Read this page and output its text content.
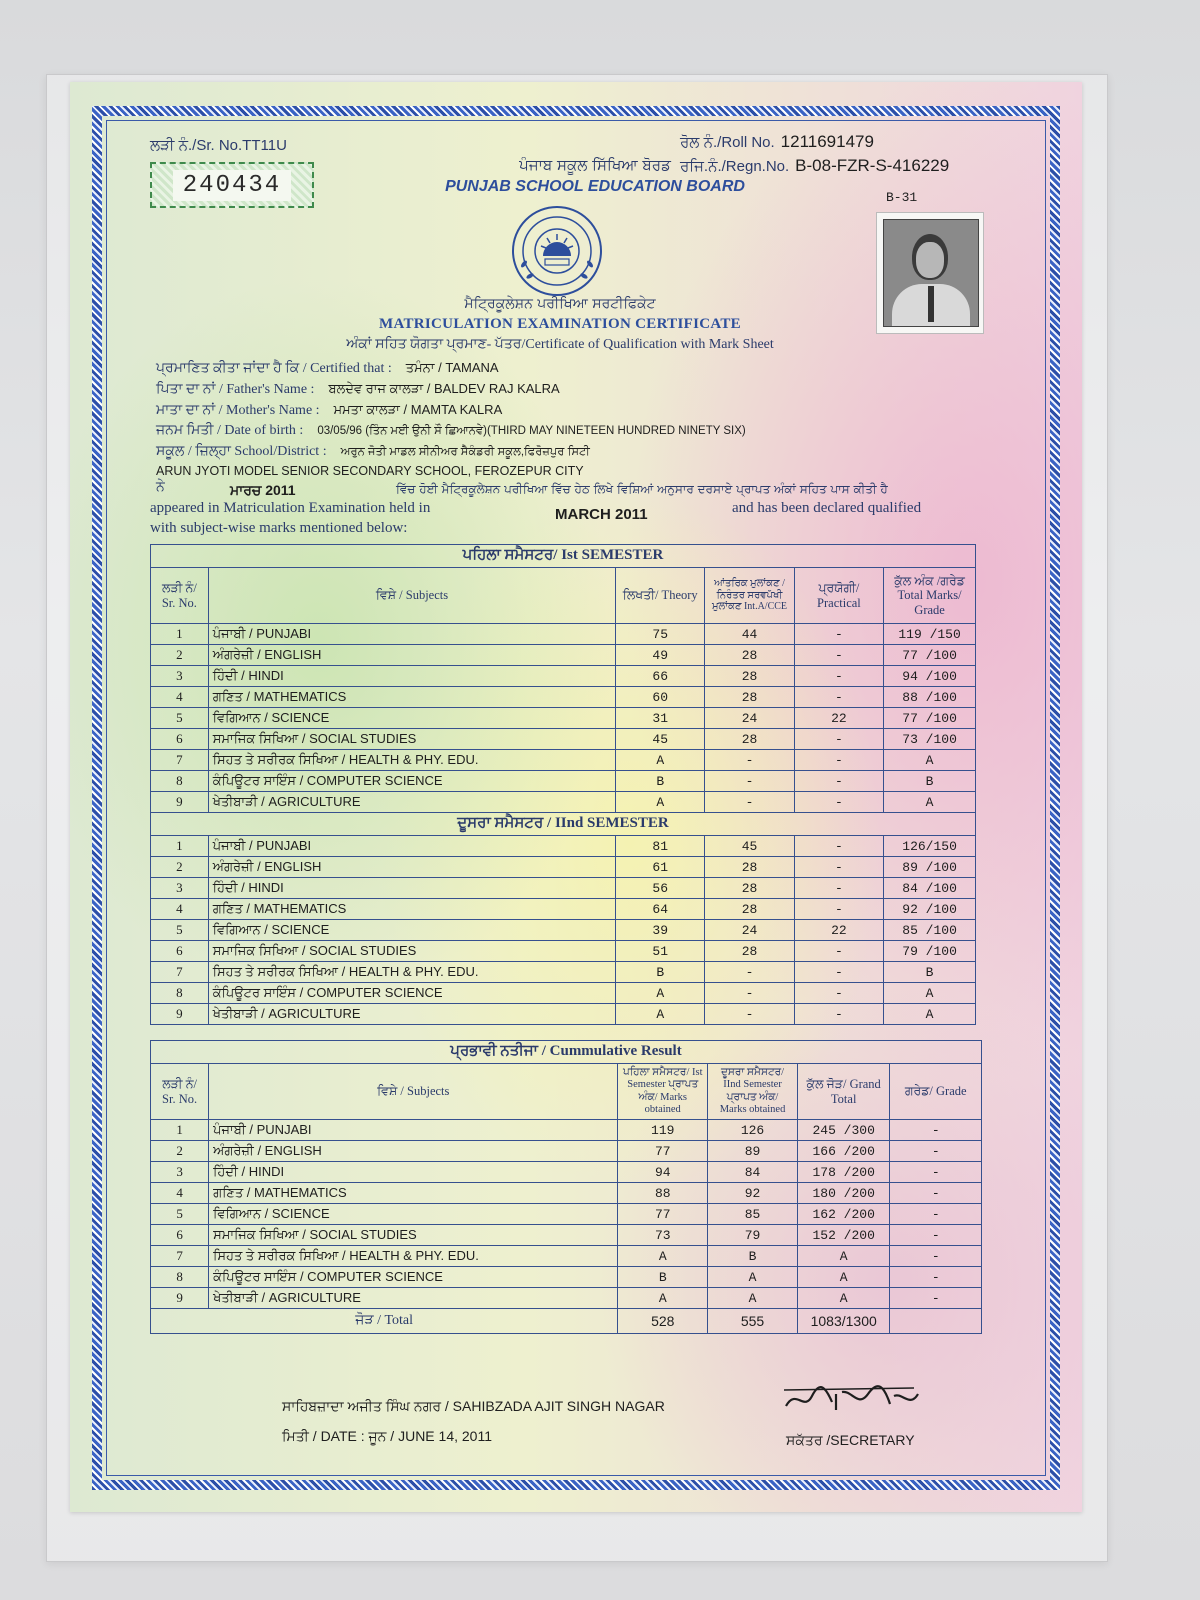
ਲੜੀ ਨੰ./Sr. No.TT11U
240434
ਪੰਜਾਬ ਸਕੂਲ ਸਿੱਖਿਆ ਬੋਰਡ
PUNJAB SCHOOL EDUCATION BOARD
ਰੋਲ ਨੰ./Roll No. 1211691479
ਰਜਿ.ਨੰ./Regn.No. B-08-FZR-S-416229
B-31
ਮੈਟ੍ਰਿਕੂਲੇਸ਼ਨ ਪਰੀਖਿਆ ਸਰਟੀਫਿਕੇਟ
MATRICULATION EXAMINATION CERTIFICATE
ਅੰਕਾਂ ਸਹਿਤ ਯੋਗਤਾ ਪ੍ਰਮਾਣ- ਪੱਤਰ/Certificate of Qualification with Mark Sheet
ਪ੍ਰਮਾਣਿਤ ਕੀਤਾ ਜਾਂਦਾ ਹੈ ਕਿ / Certified that : ਤਮੰਨਾ / TAMANA
ਪਿਤਾ ਦਾ ਨਾਂ / Father's Name : ਬਲਦੇਵ ਰਾਜ ਕਾਲੜਾ / BALDEV RAJ KALRA
ਮਾਤਾ ਦਾ ਨਾਂ / Mother's Name : ਮਮਤਾ ਕਾਲੜਾ / MAMTA KALRA
ਜਨਮ ਮਿਤੀ / Date of birth : 03/05/96 (ਤਿੰਨ ਮਈ ਉਨੀ ਸੌ ਛਿਆਨਵੇ)(THIRD MAY NINETEEN HUNDRED NINETY SIX)
ਸਕੂਲ / ਜ਼ਿਲ੍ਹਾ School/District : ਅਰੁਨ ਜੋਤੀ ਮਾਡਲ ਸੀਨੀਅਰ ਸੈਕੰਡਰੀ ਸਕੂਲ,ਫਿਰੋਜ਼ਪੁਰ ਸਿਟੀ
ARUN JYOTI MODEL SENIOR SECONDARY SCHOOL, FEROZEPUR CITY
ਨੇ	ਮਾਰਚ 2011	ਵਿੱਚ ਹੋਈ ਮੈਟ੍ਰਿਕੂਲੇਸ਼ਨ ਪਰੀਖਿਆ ਵਿੱਚ ਹੇਠ ਲਿਖੇ ਵਿਸ਼ਿਆਂ ਅਨੁਸਾਰ ਦਰਸਾਏ ਪ੍ਰਾਪਤ ਅੰਕਾਂ ਸਹਿਤ ਪਾਸ ਕੀਤੀ ਹੈ
appeared in Matriculation Examination held in	MARCH 2011	and has been declared qualified
with subject-wise marks mentioned below:
ਪਹਿਲਾ ਸਮੈਸਟਰ/ Ist SEMESTER					
ਲੜੀ ਨੰ/ Sr. No.	ਵਿਸ਼ੇ / Subjects	ਲਿਖਤੀ/ Theory	ਆਂਤਰਿਕ ਮੁਲਾਂਕਣ /ਨਿਰੰਤਰ ਸਰਵਪੱਖੀ ਮੁਲਾਂਕਣ Int.A/CCE	ਪ੍ਰਯੋਗੀ/ Practical	ਕੁੱਲ ਅੰਕ /ਗਰੇਡ Total Marks/ Grade
1	ਪੰਜਾਬੀ / PUNJABI	75	44	-	119 /150
2	ਅੰਗਰੇਜ਼ੀ / ENGLISH	49	28	-	77 /100
3	ਹਿੰਦੀ / HINDI	66	28	-	94 /100
4	ਗਣਿਤ / MATHEMATICS	60	28	-	88 /100
5	ਵਿਗਿਆਨ / SCIENCE	31	24	22	77 /100
6	ਸਮਾਜਿਕ ਸਿਖਿਆ / SOCIAL STUDIES	45	28	-	73 /100
7	ਸਿਹਤ ਤੇ ਸਰੀਰਕ ਸਿਖਿਆ / HEALTH & PHY. EDU.	A	-	-	A
8	ਕੰਪਿਊਟਰ ਸਾਇੰਸ / COMPUTER SCIENCE	B	-	-	B
9	ਖੇਤੀਬਾੜੀ / AGRICULTURE	A	-	-	A
ਦੂਸਰਾ ਸਮੈਸਟਰ / IInd SEMESTER					
1	ਪੰਜਾਬੀ / PUNJABI	81	45	-	126/150
2	ਅੰਗਰੇਜ਼ੀ / ENGLISH	61	28	-	89 /100
3	ਹਿੰਦੀ / HINDI	56	28	-	84 /100
4	ਗਣਿਤ / MATHEMATICS	64	28	-	92 /100
5	ਵਿਗਿਆਨ / SCIENCE	39	24	22	85 /100
6	ਸਮਾਜਿਕ ਸਿਖਿਆ / SOCIAL STUDIES	51	28	-	79 /100
7	ਸਿਹਤ ਤੇ ਸਰੀਰਕ ਸਿਖਿਆ / HEALTH & PHY. EDU.	B	-	-	B
8	ਕੰਪਿਊਟਰ ਸਾਇੰਸ / COMPUTER SCIENCE	A	-	-	A
9	ਖੇਤੀਬਾੜੀ / AGRICULTURE	A	-	-	A
ਪ੍ਰਭਾਵੀ ਨਤੀਜਾ / Cummulative Result					
ਲੜੀ ਨੰ/ Sr. No.	ਵਿਸ਼ੇ / Subjects	ਪਹਿਲਾ ਸਮੈਸਟਰ/ Ist Semester ਪ੍ਰਾਪਤ ਅੰਕ/ Marks obtained	ਦੂਸਰਾ ਸਮੈਸਟਰ/ IInd Semester ਪ੍ਰਾਪਤ ਅੰਕ/ Marks obtained	ਕੁੱਲ ਜੋੜ/ Grand Total	ਗਰੇਡ/ Grade
1	ਪੰਜਾਬੀ / PUNJABI	119	126	245 /300	-
2	ਅੰਗਰੇਜ਼ੀ / ENGLISH	77	89	166 /200	-
3	ਹਿੰਦੀ / HINDI	94	84	178 /200	-
4	ਗਣਿਤ / MATHEMATICS	88	92	180 /200	-
5	ਵਿਗਿਆਨ / SCIENCE	77	85	162 /200	-
6	ਸਮਾਜਿਕ ਸਿਖਿਆ / SOCIAL STUDIES	73	79	152 /200	-
7	ਸਿਹਤ ਤੇ ਸਰੀਰਕ ਸਿਖਿਆ / HEALTH & PHY. EDU.	A	B	A	-
8	ਕੰਪਿਊਟਰ ਸਾਇੰਸ / COMPUTER SCIENCE	B	A	A	-
9	ਖੇਤੀਬਾੜੀ / AGRICULTURE	A	A	A	-
ਜੋੜ / Total		528	555	1083/1300	
ਸਾਹਿਬਜ਼ਾਦਾ ਅਜੀਤ ਸਿੰਘ ਨਗਰ / SAHIBZADA AJIT SINGH NAGAR
ਮਿਤੀ / DATE : ਜੂਨ / JUNE 14, 2011	ਸਕੱਤਰ /SECRETARY
